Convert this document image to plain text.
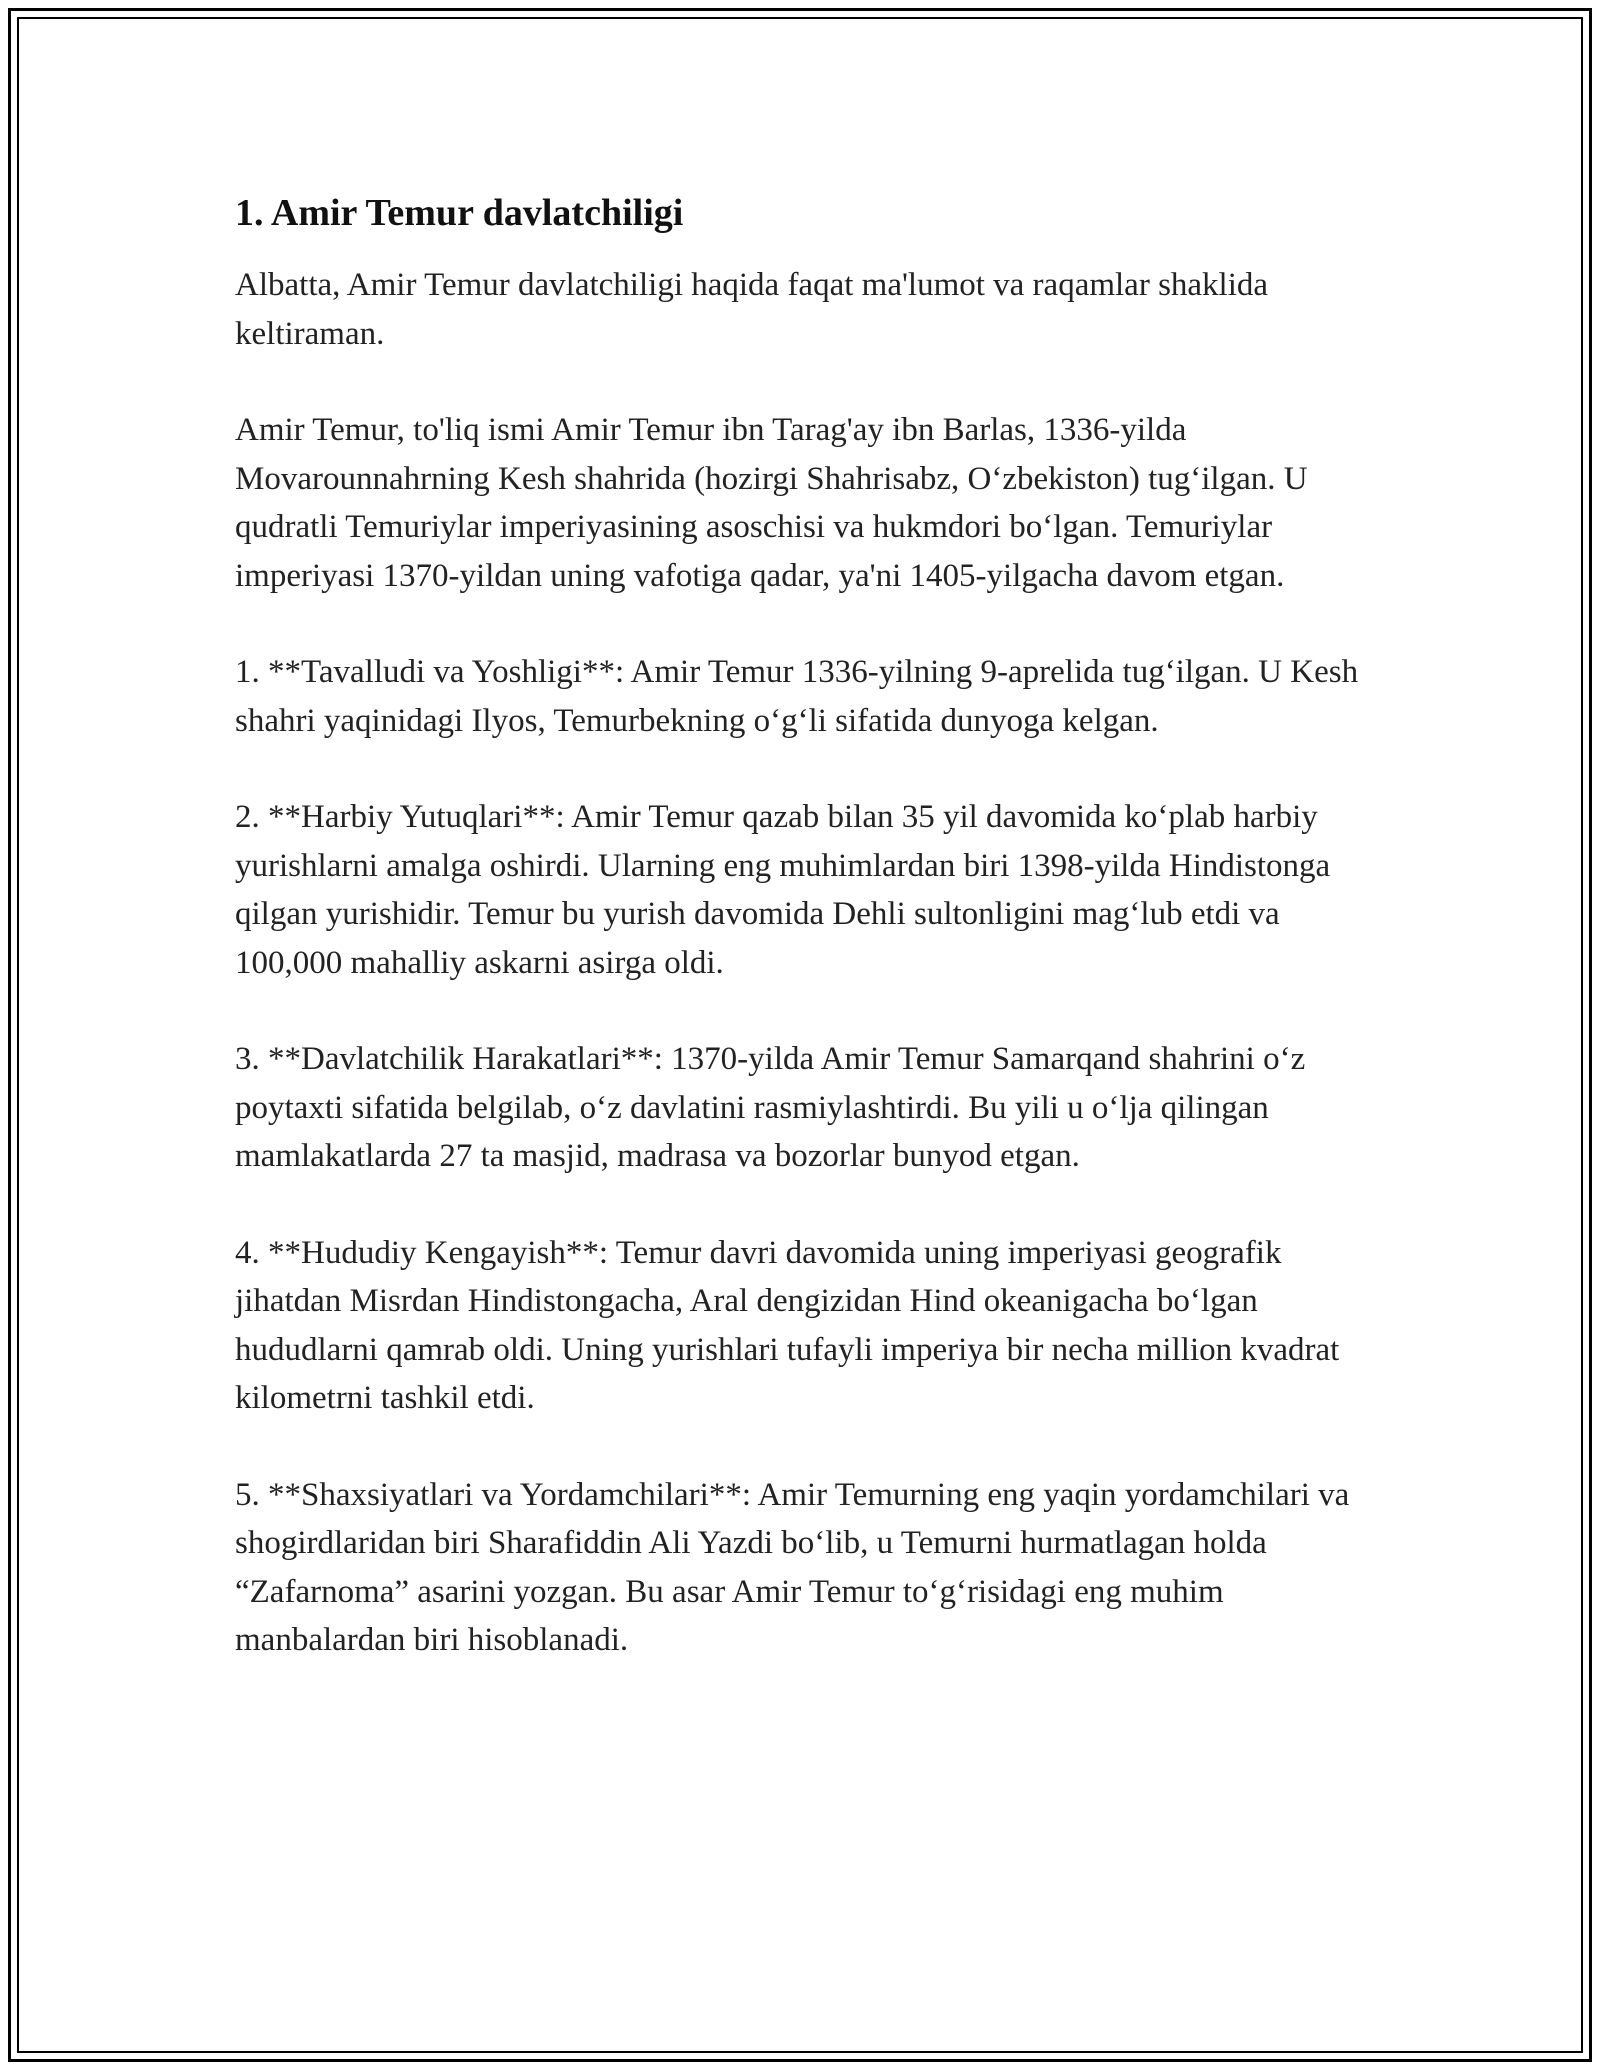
1. Amir Temur davlatchiligi

Albatta, Amir Temur davlatchiligi haqida faqat ma'lumot va raqamlar shaklida keltiraman.

Amir Temur, to'liq ismi Amir Temur ibn Tarag'ay ibn Barlas, 1336-yilda Movarounnahrning Kesh shahrida (hozirgi Shahrisabz, O‘zbekiston) tug‘ilgan. U qudratli Temuriylar imperiyasining asoschisi va hukmdori bo‘lgan. Temuriylar imperiyasi 1370-yildan uning vafotiga qadar, ya'ni 1405-yilgacha davom etgan.

1. **Tavalludi va Yoshligi**: Amir Temur 1336-yilning 9-aprelida tug‘ilgan. U Kesh shahri yaqinidagi Ilyos, Temurbekning o‘g‘li sifatida dunyoga kelgan.

2. **Harbiy Yutuqlari**: Amir Temur qazab bilan 35 yil davomida ko‘plab harbiy yurishlarni amalga oshirdi. Ularning eng muhimlardan biri 1398-yilda Hindistonga qilgan yurishidir. Temur bu yurish davomida Dehli sultonligini mag‘lub etdi va 100,000 mahalliy askarni asirga oldi.

3. **Davlatchilik Harakatlari**: 1370-yilda Amir Temur Samarqand shahrini o‘z poytaxti sifatida belgilab, o‘z davlatini rasmiylashtirdi. Bu yili u o‘lja qilingan mamlakatlarda 27 ta masjid, madrasa va bozorlar bunyod etgan.

4. **Hududiy Kengayish**: Temur davri davomida uning imperiyasi geografik jihatdan Misrdan Hindistongacha, Aral dengizidan Hind okeanigacha bo‘lgan hududlarni qamrab oldi. Uning yurishlari tufayli imperiya bir necha million kvadrat kilometrni tashkil etdi.

5. **Shaxsiyatlari va Yordamchilari**: Amir Temurning eng yaqin yordamchilari va shogirdlaridan biri Sharafiddin Ali Yazdi bo‘lib, u Temurni hurmatlagan holda “Zafarnoma” asarini yozgan. Bu asar Amir Temur to‘g‘risidagi eng muhim manbalardan biri hisoblanadi.
